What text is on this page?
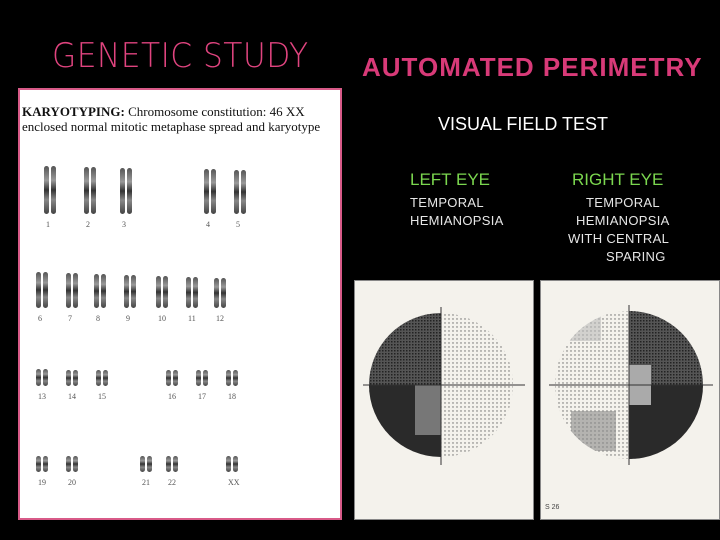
GENETIC STUDY AUTOMATED PERIMETRY
KARYOTYPING: Chromosome constitution: 46 XX enclosed normal mitotic metaphase spread and karyotype
1	2	3	4	5
6	7	8	9	10	11	12
13	14	15	16	17	18
19	20	21 22	XX
VISUAL FIELD TEST
LEFT EYE
TEMPORAL
HEMIANOPSIA
RIGHT EYE
TEMPORAL
HEMIANOPSIA
WITH CENTRAL
SPARING
S 26
